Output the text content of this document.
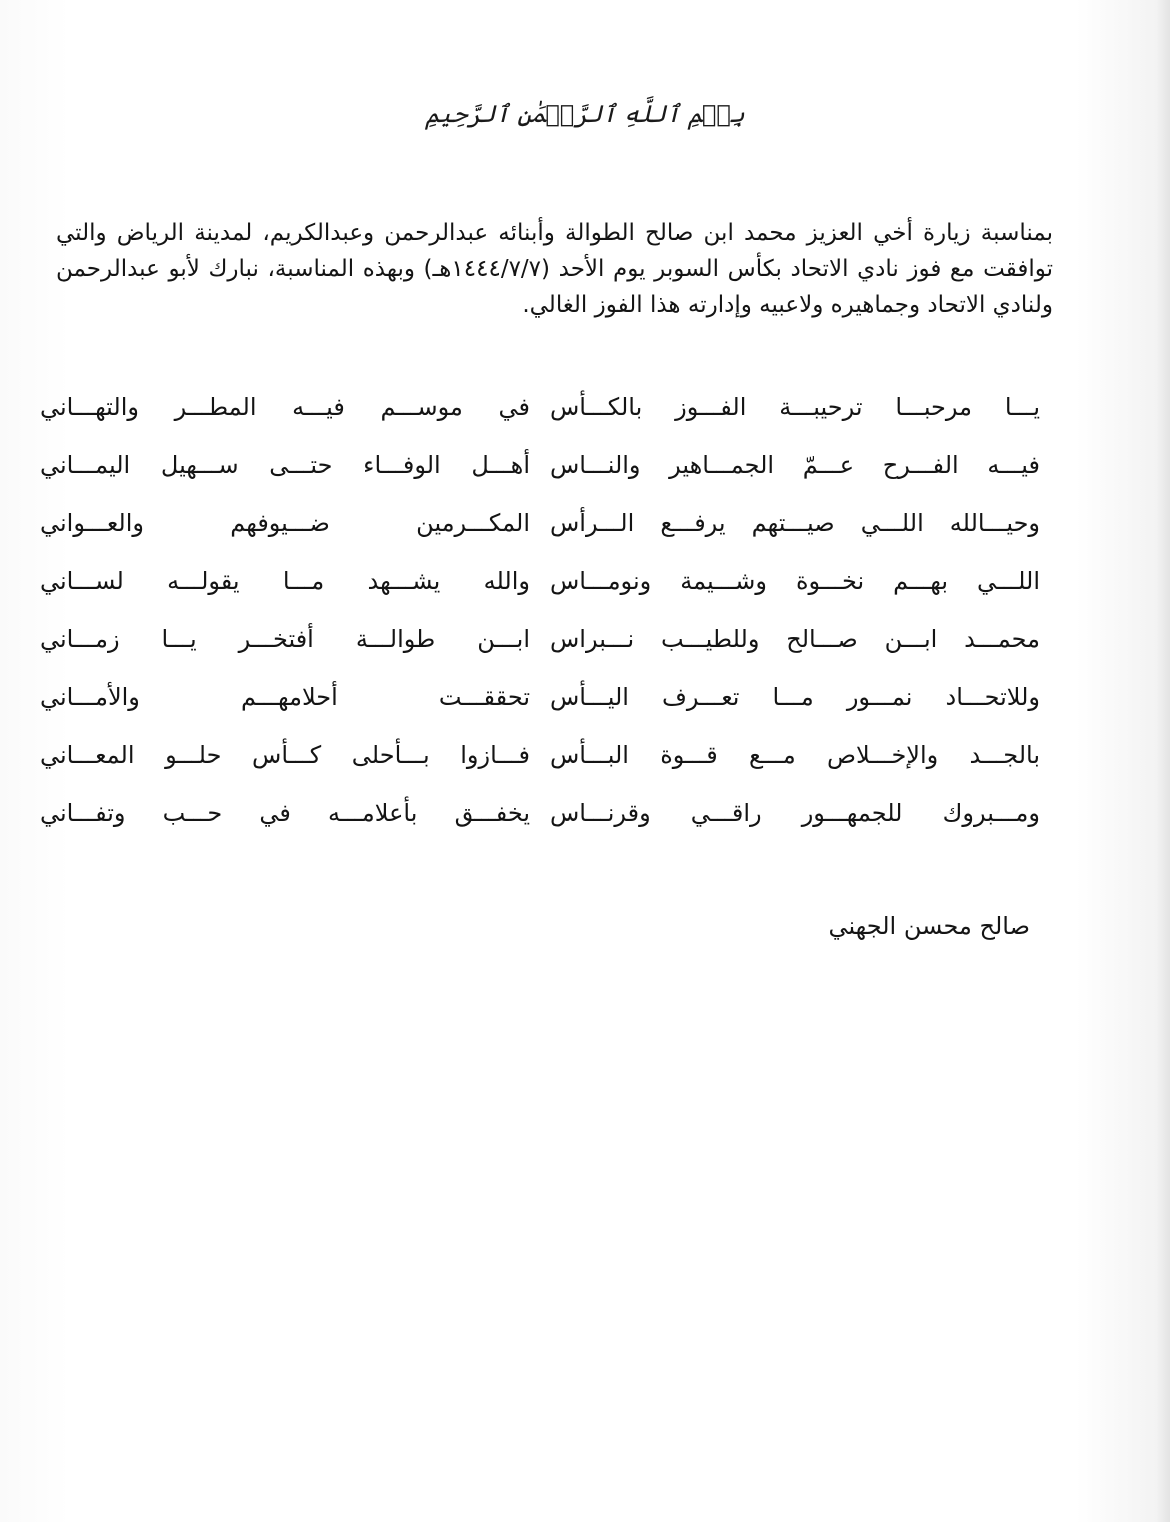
بِسۡمِ ٱللَّهِ ٱلرَّحۡمَٰنِ ٱلرَّحِيمِ
بمناسبة زيارة أخي العزيز محمد ابن صالح الطوالة وأبنائه عبدالرحمن وعبدالكريم، لمدينة الرياض والتي توافقت مع فوز نادي الاتحاد بكأس السوبر يوم الأحد (١٤٤٤/٧/٧هـ) وبهذه المناسبة، نبارك لأبو عبدالرحمن ولنادي الاتحاد وجماهيره ولاعبيه وإدارته هذا الفوز الغالي.
يـــا مرحبـــا ترحيبـــة الفـــوز بالكـــأس
في موســـم فيـــه المطـــر والتهـــاني
فيـــه الفـــرح عـــمّ الجمـــاهير والنـــاس
أهـــل الوفـــاء حتـــى ســـهيل اليمـــاني
وحيـــالله اللـــي صيـــتهم يرفـــع الـــرأس
المكـــرمين ضـــيوفهم والعـــواني
اللـــي بهـــم نخـــوة وشـــيمة ونومـــاس
والله يشـــهد مـــا يقولـــه لســـاني
محمـــد ابـــن صـــالح وللطيـــب نـــبراس
ابـــن طوالـــة أفتخـــر يـــا زمـــاني
وللاتحـــاد نمـــور مـــا تعـــرف اليـــأس
تحققـــت أحلامهـــم والأمـــاني
بالجـــد والإخـــلاص مـــع قـــوة البـــأس
فـــازوا بـــأحلى كـــأس حلـــو المعـــاني
ومـــبروك للجمهـــور راقـــي وقرنـــاس
يخفـــق بأعلامـــه في حـــب وتفـــاني
صالح محسن الجهني
